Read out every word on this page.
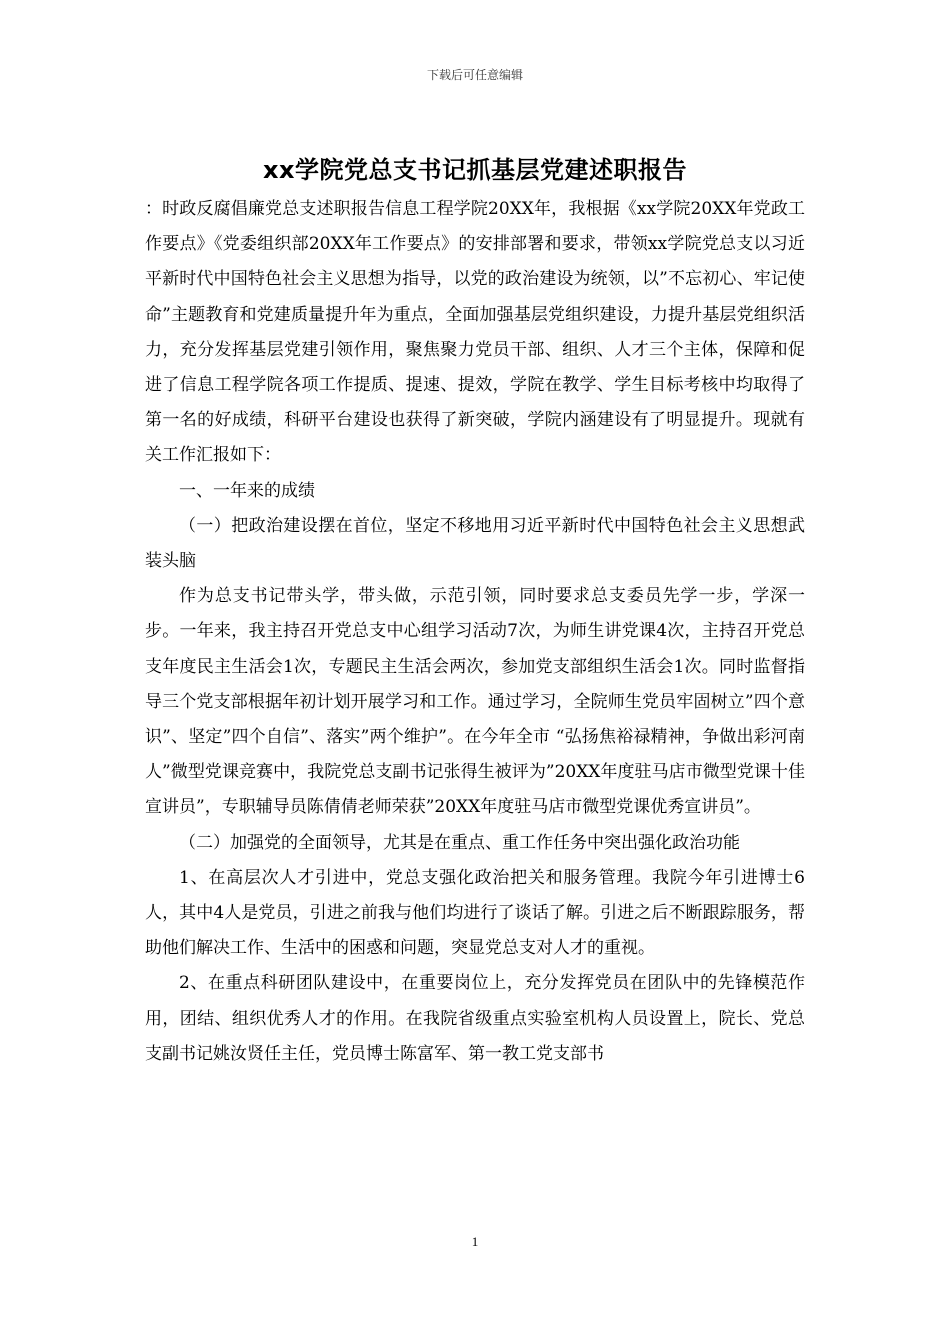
下载后可任意编辑
xx学院党总支书记抓基层党建述职报告

：时政反腐倡廉党总支述职报告信息工程学院20XX年，我根据《xx学院20XX年党政工作要点》《党委组织部20XX年工作要点》的安排部署和要求，带领xx学院党总支以习近平新时代中国特色社会主义思想为指导，以党的政治建设为统领，以”不忘初心、牢记使命”主题教育和党建质量提升年为重点，全面加强基层党组织建设，力提升基层党组织活力，充分发挥基层党建引领作用，聚焦聚力党员干部、组织、人才三个主体，保障和促进了信息工程学院各项工作提质、提速、提效，学院在教学、学生目标考核中均取得了第一名的好成绩，科研平台建设也获得了新突破，学院内涵建设有了明显提升。现就有关工作汇报如下：

一、一年来的成绩

（一）把政治建设摆在首位，坚定不移地用习近平新时代中国特色社会主义思想武装头脑

作为总支书记带头学，带头做，示范引领，同时要求总支委员先学一步，学深一步。一年来，我主持召开党总支中心组学习活动7次，为师生讲党课4次，主持召开党总支年度民主生活会1次，专题民主生活会两次，参加党支部组织生活会1次。同时监督指导三个党支部根据年初计划开展学习和工作。通过学习，全院师生党员牢固树立”四个意识”、坚定”四个自信”、落实”两个维护”。在今年全市 “弘扬焦裕禄精神，争做出彩河南人”微型党课竞赛中，我院党总支副书记张得生被评为”20XX年度驻马店市微型党课十佳宣讲员”，专职辅导员陈倩倩老师荣获”20XX年度驻马店市微型党课优秀宣讲员”。

（二）加强党的全面领导，尤其是在重点、重工作任务中突出强化政治功能

1、在高层次人才引进中，党总支强化政治把关和服务管理。我院今年引进博士6人，其中4人是党员，引进之前我与他们均进行了谈话了解。引进之后不断跟踪服务，帮助他们解决工作、生活中的困惑和问题，突显党总支对人才的重视。

2、在重点科研团队建设中，在重要岗位上，充分发挥党员在团队中的先锋模范作用，团结、组织优秀人才的作用。在我院省级重点实验室机构人员设置上，院长、党总支副书记姚汝贤任主任，党员博士陈富军、第一教工党支部书

1
